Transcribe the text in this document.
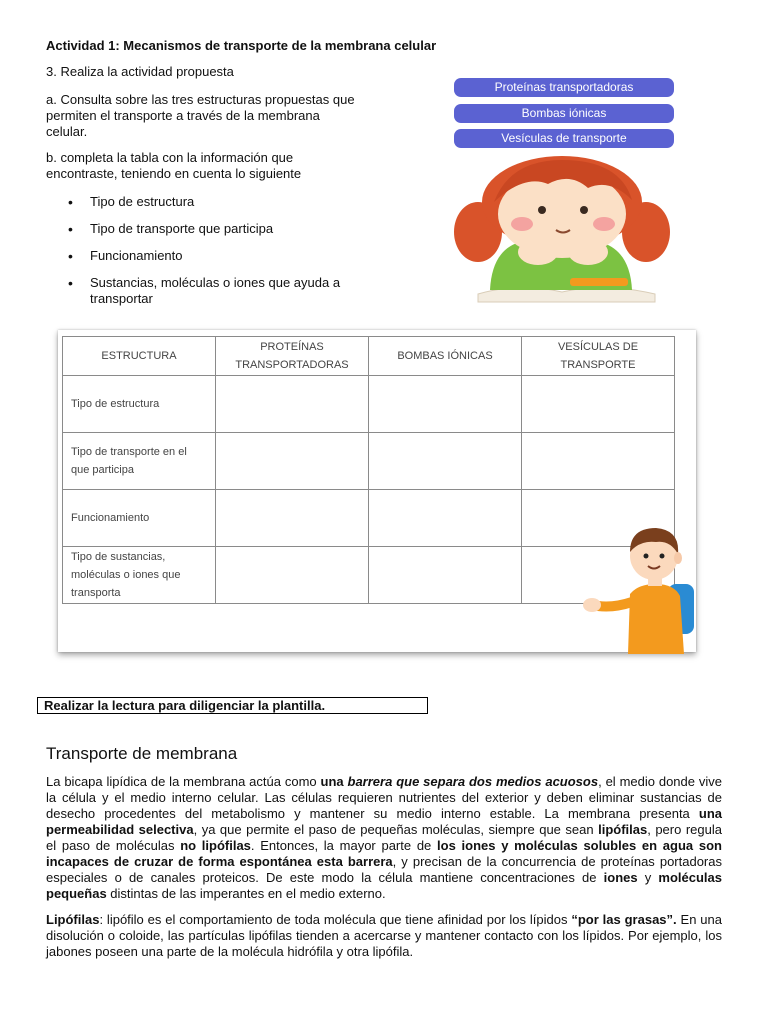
Actividad 1: Mecanismos de transporte de la membrana celular

3. Realiza la actividad propuesta

a. Consulta sobre las tres estructuras propuestas que permiten el transporte a través de la membrana celular.

b. completa la tabla con la información que encontraste, teniendo en cuenta lo siguiente

• Tipo de estructura
• Tipo de transporte que participa
• Funcionamiento
• Sustancias, moléculas o iones que ayuda a transportar
Proteínas transportadoras
Bombas iónicas
Vesículas de transporte
ESTRUCTURA	PROTEÍNAS TRANSPORTADORAS	BOMBAS IÓNICAS	VESÍCULAS DE TRANSPORTE
Tipo de estructura			
Tipo de transporte en el que participa			
Funcionamiento			
Tipo de sustancias, moléculas o iones que transporta			
Realizar la lectura para diligenciar la plantilla.
Transporte de membrana

La bicapa lipídica de la membrana actúa como una barrera que separa dos medios acuosos, el medio donde vive la célula y el medio interno celular. Las células requieren nutrientes del exterior y deben eliminar sustancias de desecho procedentes del metabolismo y mantener su medio interno estable. La membrana presenta una permeabilidad selectiva, ya que permite el paso de pequeñas moléculas, siempre que sean lipófilas, pero regula el paso de moléculas no lipófilas. Entonces, la mayor parte de los iones y moléculas solubles en agua son incapaces de cruzar de forma espontánea esta barrera, y precisan de la concurrencia de proteínas portadoras especiales o de canales proteicos. De este modo la célula mantiene concentraciones de iones y moléculas pequeñas distintas de las imperantes en el medio externo.

Lipófilas: lipófilo es el comportamiento de toda molécula que tiene afinidad por los lípidos “por las grasas”. En una disolución o coloide, las partículas lipófilas tienden a acercarse y mantener contacto con los lípidos. Por ejemplo, los jabones poseen una parte de la molécula hidrófila y otra lipófila.
